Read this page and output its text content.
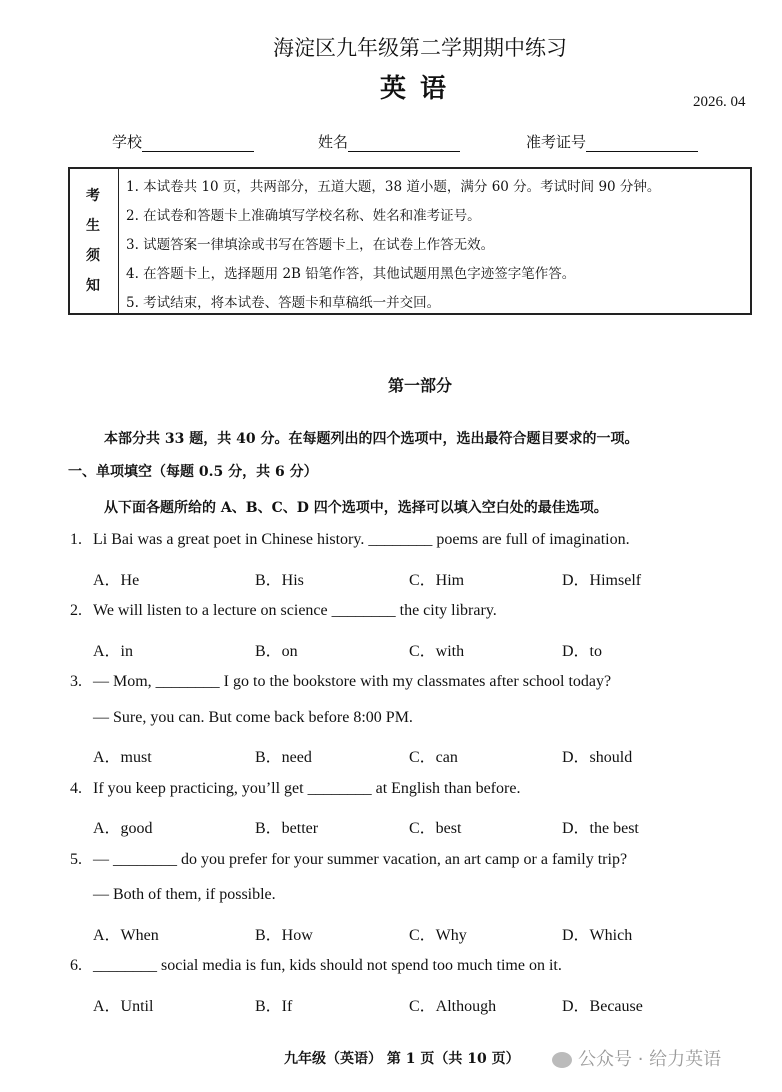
海淀区九年级第二学期期中练习
英语	2026. 04
学校	姓名	准考证号
考
生
须
知
1. 本试卷共 10 页，共两部分，五道大题，38 道小题，满分 60 分。考试时间 90 分钟。
2. 在试卷和答题卡上准确填写学校名称、姓名和准考证号。
3. 试题答案一律填涂或书写在答题卡上，在试卷上作答无效。
4. 在答题卡上，选择题用 2B 铅笔作答，其他试题用黑色字迹签字笔作答。
5. 考试结束，将本试卷、答题卡和草稿纸一并交回。
第一部分
本部分共 33 题，共 40 分。在每题列出的四个选项中，选出最符合题目要求的一项。
一、单项填空（每题 0.5 分，共 6 分）
从下面各题所给的 A、B、C、D 四个选项中，选择可以填入空白处的最佳选项。
1. Li Bai was a great poet in Chinese history. ________ poems are full of imagination.
A．He	B．His	C．Him	D．Himself
2. We will listen to a lecture on science ________ the city library.
A．in	B．on	C．with	D．to
3. — Mom, ________ I go to the bookstore with my classmates after school today?
— Sure, you can. But come back before 8:00 PM.
A．must	B．need	C．can	D．should
4. If you keep practicing, you’ll get ________ at English than before.
A．good	B．better	C．best	D．the best
5. — ________ do you prefer for your summer vacation, an art camp or a family trip?
— Both of them, if possible.
A．When	B．How	C．Why	D．Which
6. ________ social media is fun, kids should not spend too much time on it.
A．Until	B．If	C．Although	D．Because
九年级（英语） 第 1 页（共 10 页）	公众号 · 给力英语
